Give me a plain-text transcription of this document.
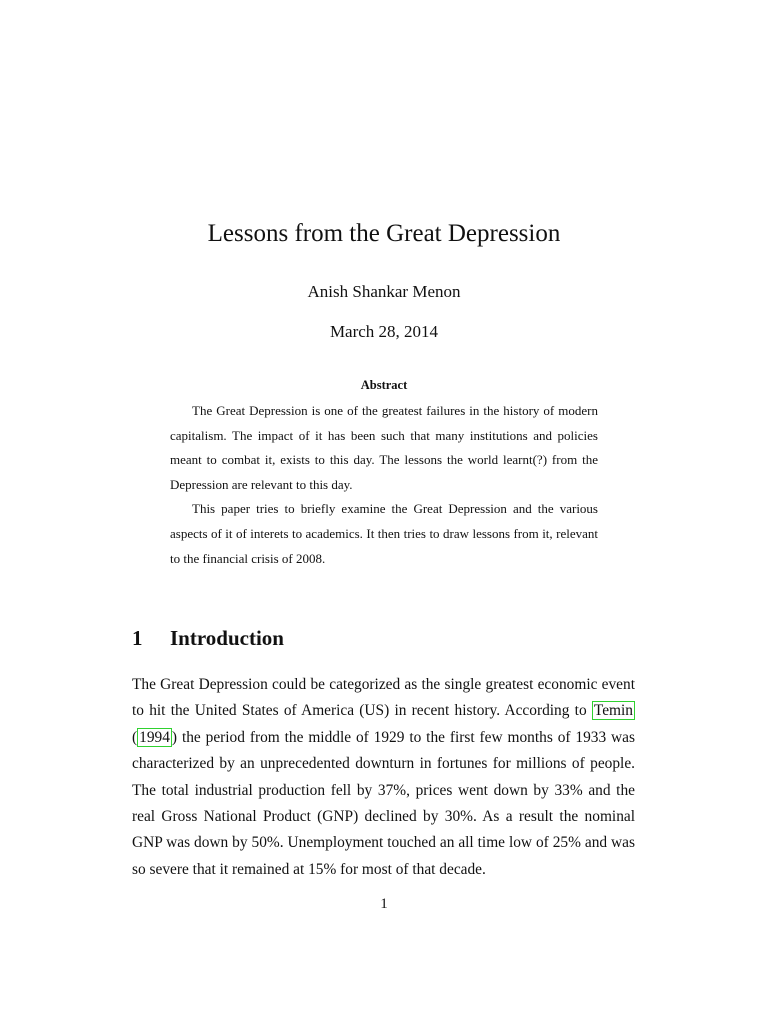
Lessons from the Great Depression
Anish Shankar Menon
March 28, 2014
Abstract

The Great Depression is one of the greatest failures in the history of modern capitalism. The impact of it has been such that many institutions and policies meant to combat it, exists to this day. The lessons the world learnt(?) from the Depression are relevant to this day.

This paper tries to briefly examine the Great Depression and the various aspects of it of interets to academics. It then tries to draw lessons from it, relevant to the financial crisis of 2008.

1 Introduction

The Great Depression could be categorized as the single greatest economic event to hit the United States of America (US) in recent history. According to Temin ( 1994 ) the period from the middle of 1929 to the first few months of 1933 was characterized by an unprecedented downturn in fortunes for millions of people. The total industrial production fell by 37%, prices went down by 33% and the real Gross National Product (GNP) declined by 30%. As a result the nominal GNP was down by 50%. Unemployment touched an all time low of 25% and was so severe that it remained at 15% for most of that decade.

1
